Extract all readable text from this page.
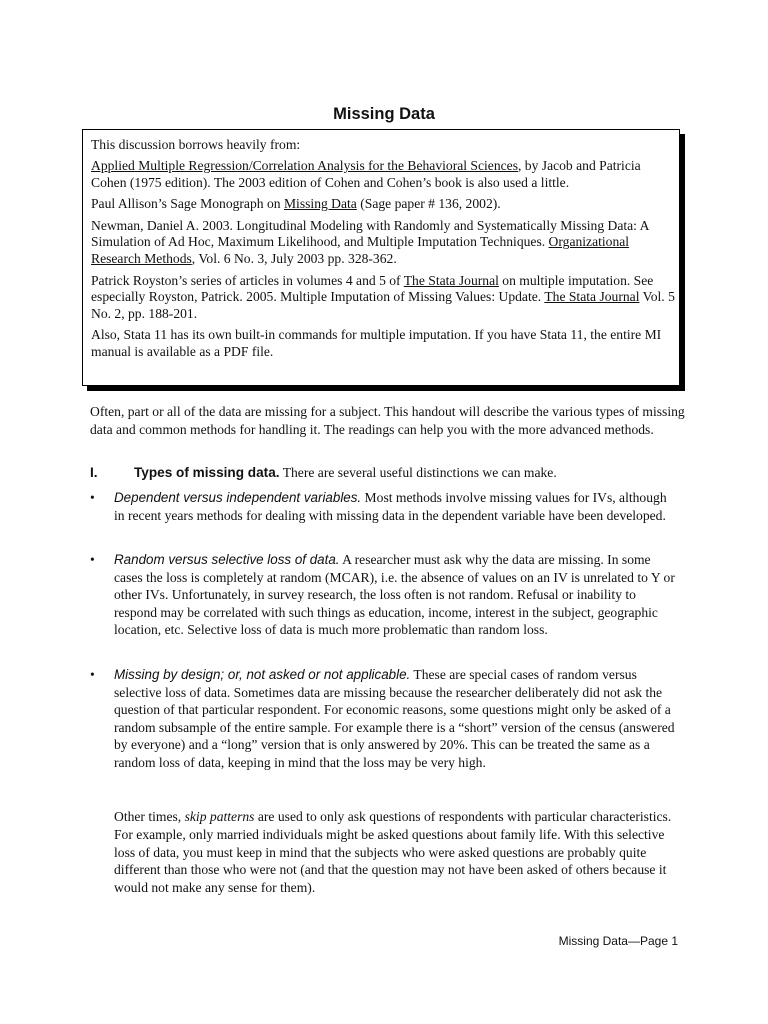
Missing Data

This discussion borrows heavily from:

Applied Multiple Regression/Correlation Analysis for the Behavioral Sciences, by Jacob and Patricia Cohen (1975 edition). The 2003 edition of Cohen and Cohen’s book is also used a little.

Paul Allison’s Sage Monograph on Missing Data (Sage paper # 136, 2002).

Newman, Daniel A. 2003. Longitudinal Modeling with Randomly and Systematically Missing Data: A Simulation of Ad Hoc, Maximum Likelihood, and Multiple Imputation Techniques. Organizational Research Methods, Vol. 6 No. 3, July 2003 pp. 328-362.

Patrick Royston’s series of articles in volumes 4 and 5 of The Stata Journal on multiple imputation. See especially Royston, Patrick. 2005. Multiple Imputation of Missing Values: Update. The Stata Journal Vol. 5 No. 2, pp. 188-201.

Also, Stata 11 has its own built-in commands for multiple imputation. If you have Stata 11, the entire MI manual is available as a PDF file.

Often, part or all of the data are missing for a subject. This handout will describe the various types of missing data and common methods for handling it. The readings can help you with the more advanced methods.

I.	Types of missing data. There are several useful distinctions we can make.
•	Dependent versus independent variables. Most methods involve missing values for IVs, although in recent years methods for dealing with missing data in the dependent variable have been developed.
•	Random versus selective loss of data. A researcher must ask why the data are missing. In some cases the loss is completely at random (MCAR), i.e. the absence of values on an IV is unrelated to Y or other IVs. Unfortunately, in survey research, the loss often is not random. Refusal or inability to respond may be correlated with such things as education, income, interest in the subject, geographic location, etc. Selective loss of data is much more problematic than random loss.
•	Missing by design; or, not asked or not applicable. These are special cases of random versus selective loss of data. Sometimes data are missing because the researcher deliberately did not ask the question of that particular respondent. For economic reasons, some questions might only be asked of a random subsample of the entire sample. For example there is a “short” version of the census (answered by everyone) and a “long” version that is only answered by 20%. This can be treated the same as a random loss of data, keeping in mind that the loss may be very high.
Other times, skip patterns are used to only ask questions of respondents with particular characteristics. For example, only married individuals might be asked questions about family life. With this selective loss of data, you must keep in mind that the subjects who were asked questions are probably quite different than those who were not (and that the question may not have been asked of others because it would not make any sense for them).
Missing Data—Page 1
